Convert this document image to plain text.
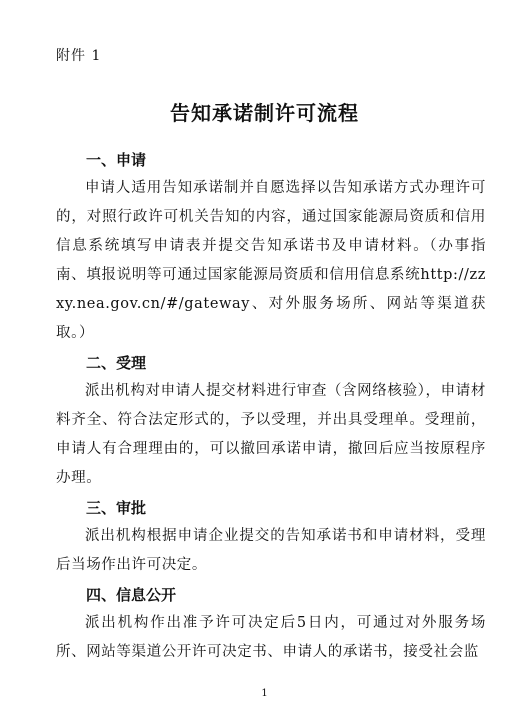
附件 1
告知承诺制许可流程
一、申请
申请人适用告知承诺制并自愿选择以告知承诺方式办理许可的，对照行政许可机关告知的内容，通过国家能源局资质和信用信息系统填写申请表并提交告知承诺书及申请材料。（办事指南、填报说明等可通过国家能源局资质和信用信息系统http://zzxy.nea.gov.cn/#/gateway、对外服务场所、网站等渠道获取。）
二、受理
派出机构对申请人提交材料进行审查（含网络核验），申请材料齐全、符合法定形式的，予以受理，并出具受理单。受理前，申请人有合理理由的，可以撤回承诺申请，撤回后应当按原程序办理。
三、审批
派出机构根据申请企业提交的告知承诺书和申请材料，受理后当场作出许可决定。
四、信息公开
派出机构作出准予许可决定后5日内，可通过对外服务场所、网站等渠道公开许可决定书、申请人的承诺书，接受社会监
1
